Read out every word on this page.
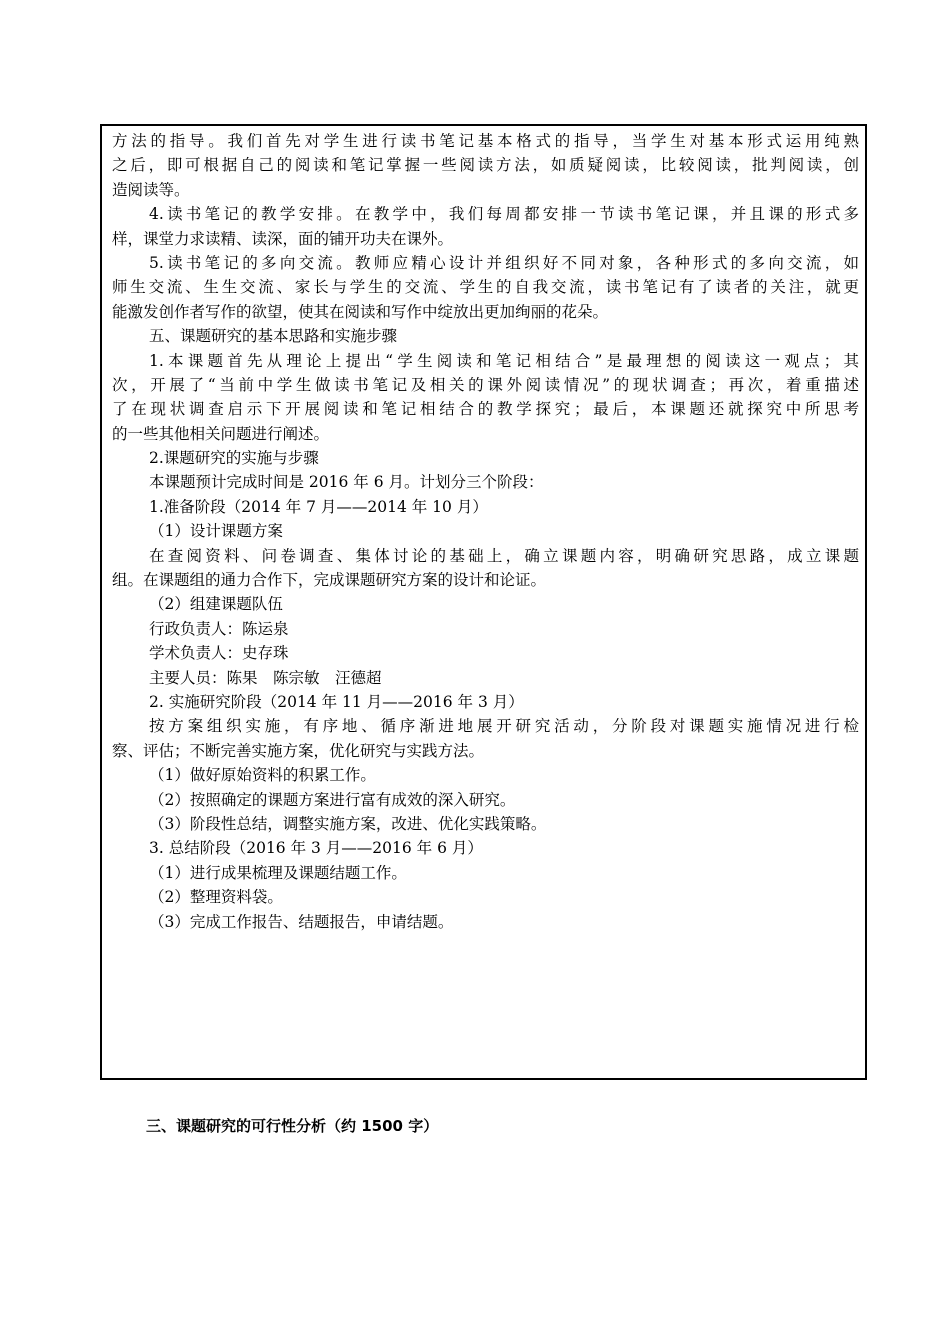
方法的指导。我们首先对学生进行读书笔记基本格式的指导，当学生对基本形式运用纯熟
之后，即可根据自己的阅读和笔记掌握一些阅读方法，如质疑阅读，比较阅读，批判阅读，创
造阅读等。
4.读书笔记的教学安排。在教学中，我们每周都安排一节读书笔记课，并且课的形式多
样，课堂力求读精、读深，面的铺开功夫在课外。
5.读书笔记的多向交流。教师应精心设计并组织好不同对象，各种形式的多向交流，如
师生交流、生生交流、家长与学生的交流、学生的自我交流，读书笔记有了读者的关注，就更
能激发创作者写作的欲望，使其在阅读和写作中绽放出更加绚丽的花朵。
五、课题研究的基本思路和实施步骤
1.本课题首先从理论上提出“学生阅读和笔记相结合”是最理想的阅读这一观点；其
次，开展了“当前中学生做读书笔记及相关的课外阅读情况”的现状调查；再次，着重描述
了在现状调查启示下开展阅读和笔记相结合的教学探究；最后，本课题还就探究中所思考
的一些其他相关问题进行阐述。
2.课题研究的实施与步骤
本课题预计完成时间是 2016 年 6 月。计划分三个阶段：
1.准备阶段（2014 年 7 月——2014 年 10 月）
（1）设计课题方案
在查阅资料、问卷调查、集体讨论的基础上，确立课题内容，明确研究思路，成立课题
组。在课题组的通力合作下，完成课题研究方案的设计和论证。
（2）组建课题队伍
行政负责人：陈运泉
学术负责人：史存珠
主要人员：陈果　陈宗敏　汪德超
2. 实施研究阶段（2014 年 11 月——2016 年 3 月）
按方案组织实施，有序地、循序渐进地展开研究活动，分阶段对课题实施情况进行检
察、评估；不断完善实施方案，优化研究与实践方法。
（1）做好原始资料的积累工作。
（2）按照确定的课题方案进行富有成效的深入研究。
（3）阶段性总结，调整实施方案，改进、优化实践策略。
3. 总结阶段（2016 年 3 月——2016 年 6 月）
（1）进行成果梳理及课题结题工作。
（2）整理资料袋。
（3）完成工作报告、结题报告，申请结题。
三、课题研究的可行性分析（约 1500 字）
